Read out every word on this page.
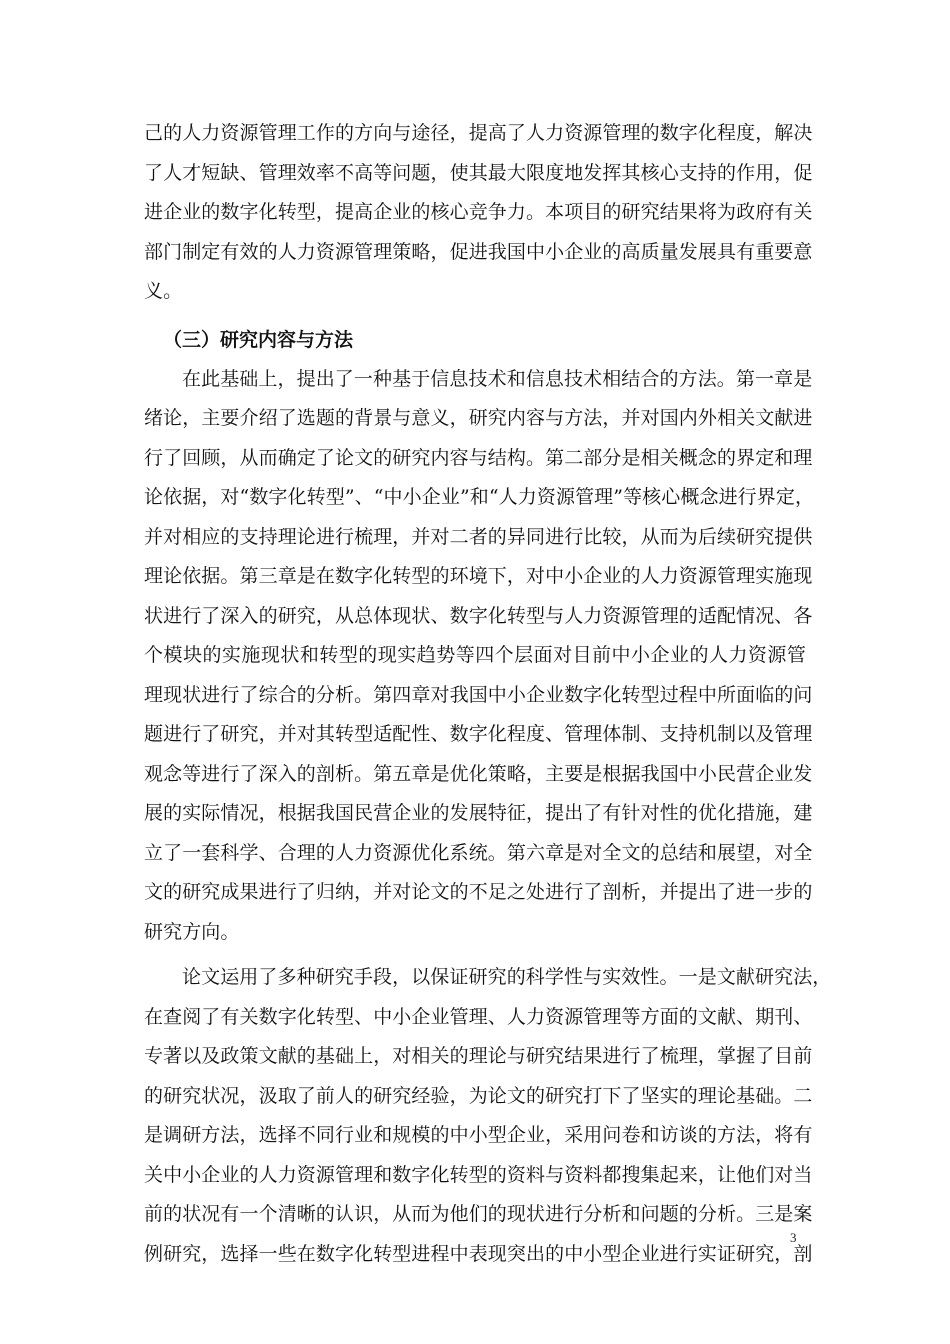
己的人力资源管理工作的方向与途径，提高了人力资源管理的数字化程度，解决
了人才短缺、管理效率不高等问题，使其最大限度地发挥其核心支持的作用，促
进企业的数字化转型，提高企业的核心竞争力。本项目的研究结果将为政府有关
部门制定有效的人力资源管理策略，促进我国中小企业的高质量发展具有重要意
义。
（三）研究内容与方法
在此基础上，提出了一种基于信息技术和信息技术相结合的方法。第一章是
绪论，主要介绍了选题的背景与意义，研究内容与方法，并对国内外相关文献进
行了回顾，从而确定了论文的研究内容与结构。第二部分是相关概念的界定和理
论依据，对“数字化转型”、“中小企业”和“人力资源管理”等核心概念进行界定，
并对相应的支持理论进行梳理，并对二者的异同进行比较，从而为后续研究提供
理论依据。第三章是在数字化转型的环境下，对中小企业的人力资源管理实施现
状进行了深入的研究，从总体现状、数字化转型与人力资源管理的适配情况、各
个模块的实施现状和转型的现实趋势等四个层面对目前中小企业的人力资源管
理现状进行了综合的分析。第四章对我国中小企业数字化转型过程中所面临的问
题进行了研究，并对其转型适配性、数字化程度、管理体制、支持机制以及管理
观念等进行了深入的剖析。第五章是优化策略，主要是根据我国中小民营企业发
展的实际情况，根据我国民营企业的发展特征，提出了有针对性的优化措施，建
立了一套科学、合理的人力资源优化系统。第六章是对全文的总结和展望，对全
文的研究成果进行了归纳，并对论文的不足之处进行了剖析，并提出了进一步的
研究方向。
论文运用了多种研究手段，以保证研究的科学性与实效性。一是文献研究法，
在查阅了有关数字化转型、中小企业管理、人力资源管理等方面的文献、期刊、
专著以及政策文献的基础上，对相关的理论与研究结果进行了梳理，掌握了目前
的研究状况，汲取了前人的研究经验，为论文的研究打下了坚实的理论基础。二
是调研方法，选择不同行业和规模的中小型企业，采用问卷和访谈的方法，将有
关中小企业的人力资源管理和数字化转型的资料与资料都搜集起来，让他们对当
前的状况有一个清晰的认识，从而为他们的现状进行分析和问题的分析。三是案
例研究，选择一些在数字化转型进程中表现突出的中小型企业进行实证研究，剖
3
